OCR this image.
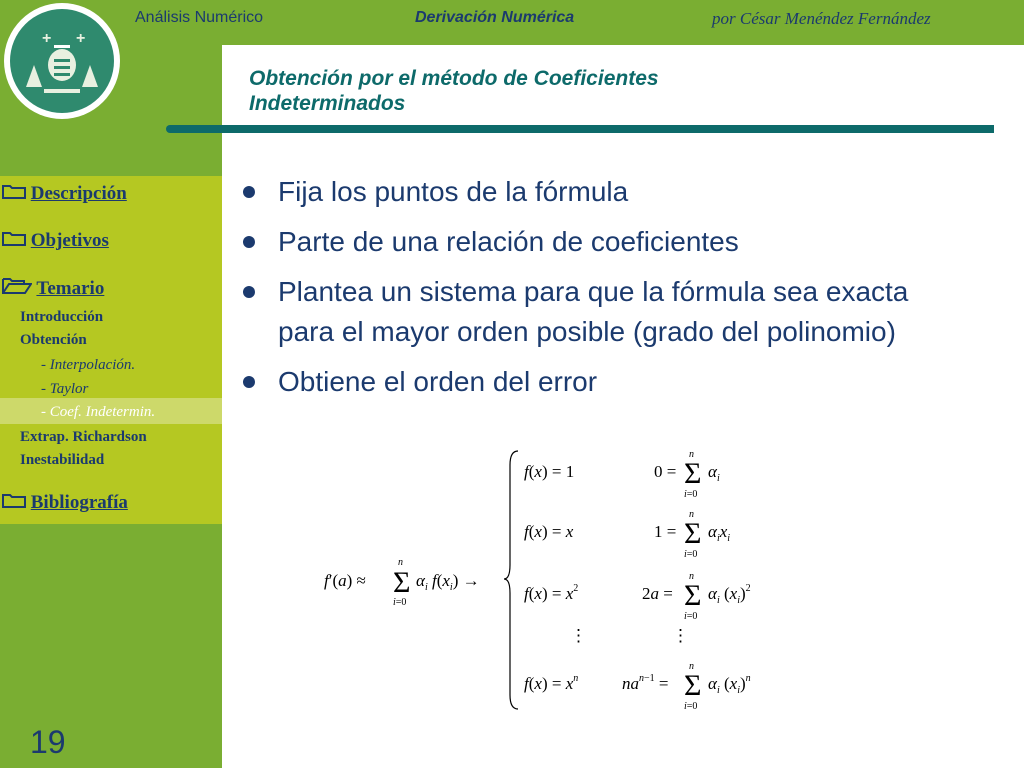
+ +
Análisis Numérico	Derivación Numérica	por César Menéndez Fernández
Obtención por el método de Coeficientes
Indeterminados
Descripción
Objetivos
Temario
Introducción
Obtención
- Interpolación.
- Taylor
- Coef. Indetermin.
Extrap. Richardson
Inestabilidad
Bibliografía
19
Fija los puntos de la fórmula
Parte de una relación de coeficientes
Plantea un sistema para que la fórmula sea exacta para el mayor orden posible (grado del polinomio)
Obtiene el orden del error
f′(a) ≈ Σ
n
i=0
$\alpha_i$ $f(x_i)$ →
f(x) = 1	0 = Σ
n
i=0
$\alpha_i$
f(x) = x	1 = Σ
n
i=0
$\alpha_ix_i$
$f(x) = x^2$	2a = Σ
n
i=0
$\alpha_i$ $(x_i)^2$
⋮	⋮
$f(x) = x^n$	$na^{n-1} = \Sigma$
n
i=0
$\alpha_i$ $(x_i)^n$
